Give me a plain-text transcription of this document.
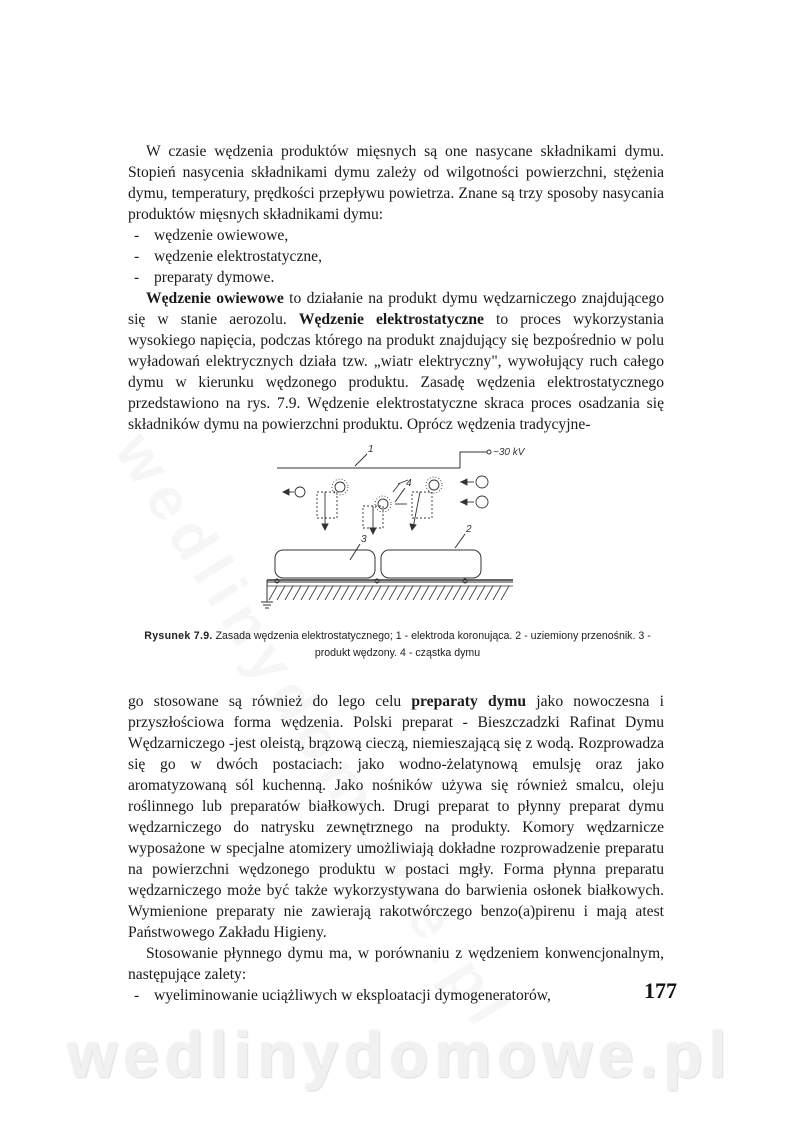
W czasie wędzenia produktów mięsnych są one nasycane składnikami dymu. Stopień nasycenia składnikami dymu zależy od wilgotności powierzchni, stężenia dymu, temperatury, prędkości przepływu powietrza. Znane są trzy sposoby nasycania produktów mięsnych składnikami dymu:

- wędzenie owiewowe,
- wędzenie elektrostatyczne,
- preparaty dymowe.

Wędzenie owiewowe to działanie na produkt dymu wędzarniczego znajdującego się w stanie aerozolu. Wędzenie elektrostatyczne to proces wykorzystania wysokiego napięcia, podczas którego na produkt znajdujący się bezpośrednio w polu wyładowań elektrycznych działa tzw. „wiatr elektryczny", wywołujący ruch całego dymu w kierunku wędzonego produktu. Zasadę wędzenia elektrostatycznego przedstawiono na rys. 7.9. Wędzenie elektrostatyczne skraca proces osadzania się składników dymu na powierzchni produktu. Oprócz wędzenia tradycyjne-

~30 kV
1
4
3
2
Rysunek 7.9. Zasada wędzenia elektrostatycznego; 1 - elektroda koronująca. 2 - uziemiony przenośnik. 3 - produkt wędzony. 4 - cząstka dymu

go stosowane są również do lego celu preparaty dymu jako nowoczesna i przyszłościowa forma wędzenia. Polski preparat - Bieszczadzki Rafinat Dymu Wędzarniczego -jest oleistą, brązową cieczą, niemieszającą się z wodą. Rozprowadza się go w dwóch postaciach: jako wodno-żelatynową emulsję oraz jako aromatyzowaną sól kuchenną. Jako nośników używa się również smalcu, oleju roślinnego lub preparatów białkowych. Drugi preparat to płynny preparat dymu wędzarniczego do natrysku zewnętrznego na produkty. Komory wędzarnicze wyposażone w specjalne atomizery umożliwiają dokładne rozprowadzenie preparatu na powierzchni wędzonego produktu w postaci mgły. Forma płynna preparatu wędzarniczego może być także wykorzystywana do barwienia osłonek białkowych. Wymienione preparaty nie zawierają rakotwórczego benzo(a)pirenu i mają atest Państwowego Zakładu Higieny.

Stosowanie płynnego dymu ma, w porównaniu z wędzeniem konwencjonalnym, następujące zalety:

- wyeliminowanie uciążliwych w eksploatacji dymogeneratorów,	177
wedlinydomowe.pl
